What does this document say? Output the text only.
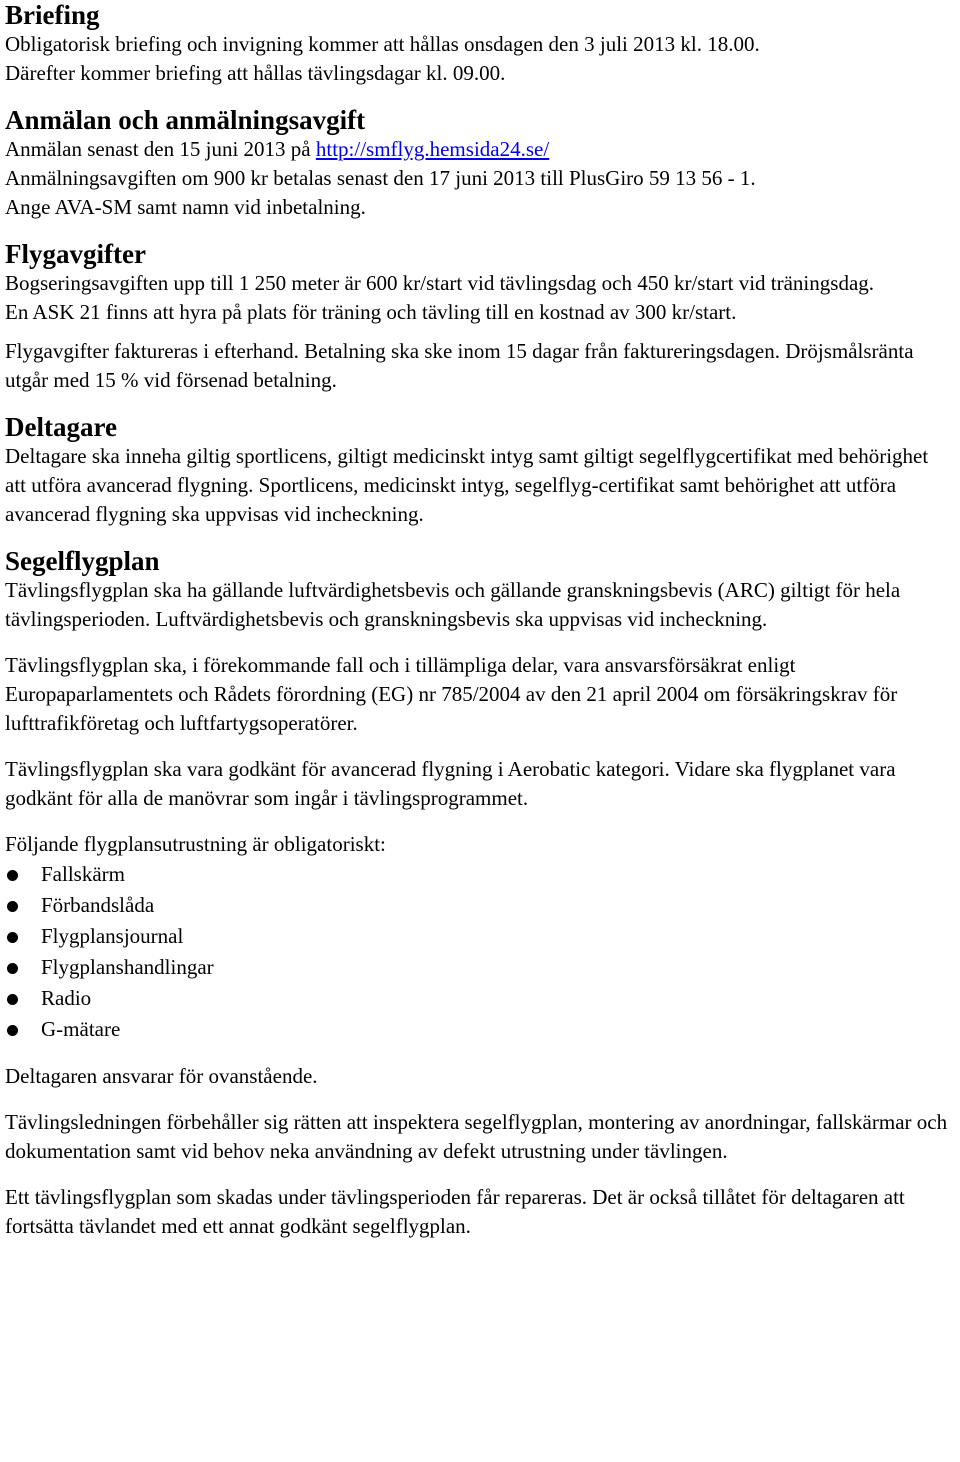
Briefing

Obligatorisk briefing och invigning kommer att hållas onsdagen den 3 juli 2013 kl. 18.00.

Därefter kommer briefing att hållas tävlingsdagar kl. 09.00.

Anmälan och anmälningsavgift

Anmälan senast den 15 juni 2013 på http://smflyg.hemsida24.se/

Anmälningsavgiften om 900 kr betalas senast den 17 juni 2013 till PlusGiro 59 13 56 - 1.

Ange AVA-SM samt namn vid inbetalning.

Flygavgifter

Bogseringsavgiften upp till 1 250 meter är 600 kr/start vid tävlingsdag och 450 kr/start vid träningsdag.

En ASK 21 finns att hyra på plats för träning och tävling till en kostnad av 300 kr/start.

Flygavgifter faktureras i efterhand. Betalning ska ske inom 15 dagar från faktureringsdagen. Dröjsmålsränta utgår med 15 % vid försenad betalning.

Deltagare

Deltagare ska inneha giltig sportlicens, giltigt medicinskt intyg samt giltigt segelflygcertifikat med behörighet att utföra avancerad flygning. Sportlicens, medicinskt intyg, segelflyg-certifikat samt behörighet att utföra avancerad flygning ska uppvisas vid incheckning.

Segelflygplan

Tävlingsflygplan ska ha gällande luftvärdighetsbevis och gällande granskningsbevis (ARC) giltigt för hela tävlingsperioden. Luftvärdighetsbevis och granskningsbevis ska uppvisas vid incheckning.

Tävlingsflygplan ska, i förekommande fall och i tillämpliga delar, vara ansvarsförsäkrat enligt Europaparlamentets och Rådets förordning (EG) nr 785/2004 av den 21 april 2004 om försäkringskrav för lufttrafikföretag och luftfartygsoperatörer.

Tävlingsflygplan ska vara godkänt för avancerad flygning i Aerobatic kategori. Vidare ska flygplanet vara godkänt för alla de manövrar som ingår i tävlingsprogrammet.

Följande flygplansutrustning är obligatoriskt:

Fallskärm
Förbandslåda
Flygplansjournal
Flygplanshandlingar
Radio
G-mätare

Deltagaren ansvarar för ovanstående.

Tävlingsledningen förbehåller sig rätten att inspektera segelflygplan, montering av anordningar, fallskärmar och dokumentation samt vid behov neka användning av defekt utrustning under tävlingen.

Ett tävlingsflygplan som skadas under tävlingsperioden får repareras. Det är också tillåtet för deltagaren att fortsätta tävlandet med ett annat godkänt segelflygplan.
